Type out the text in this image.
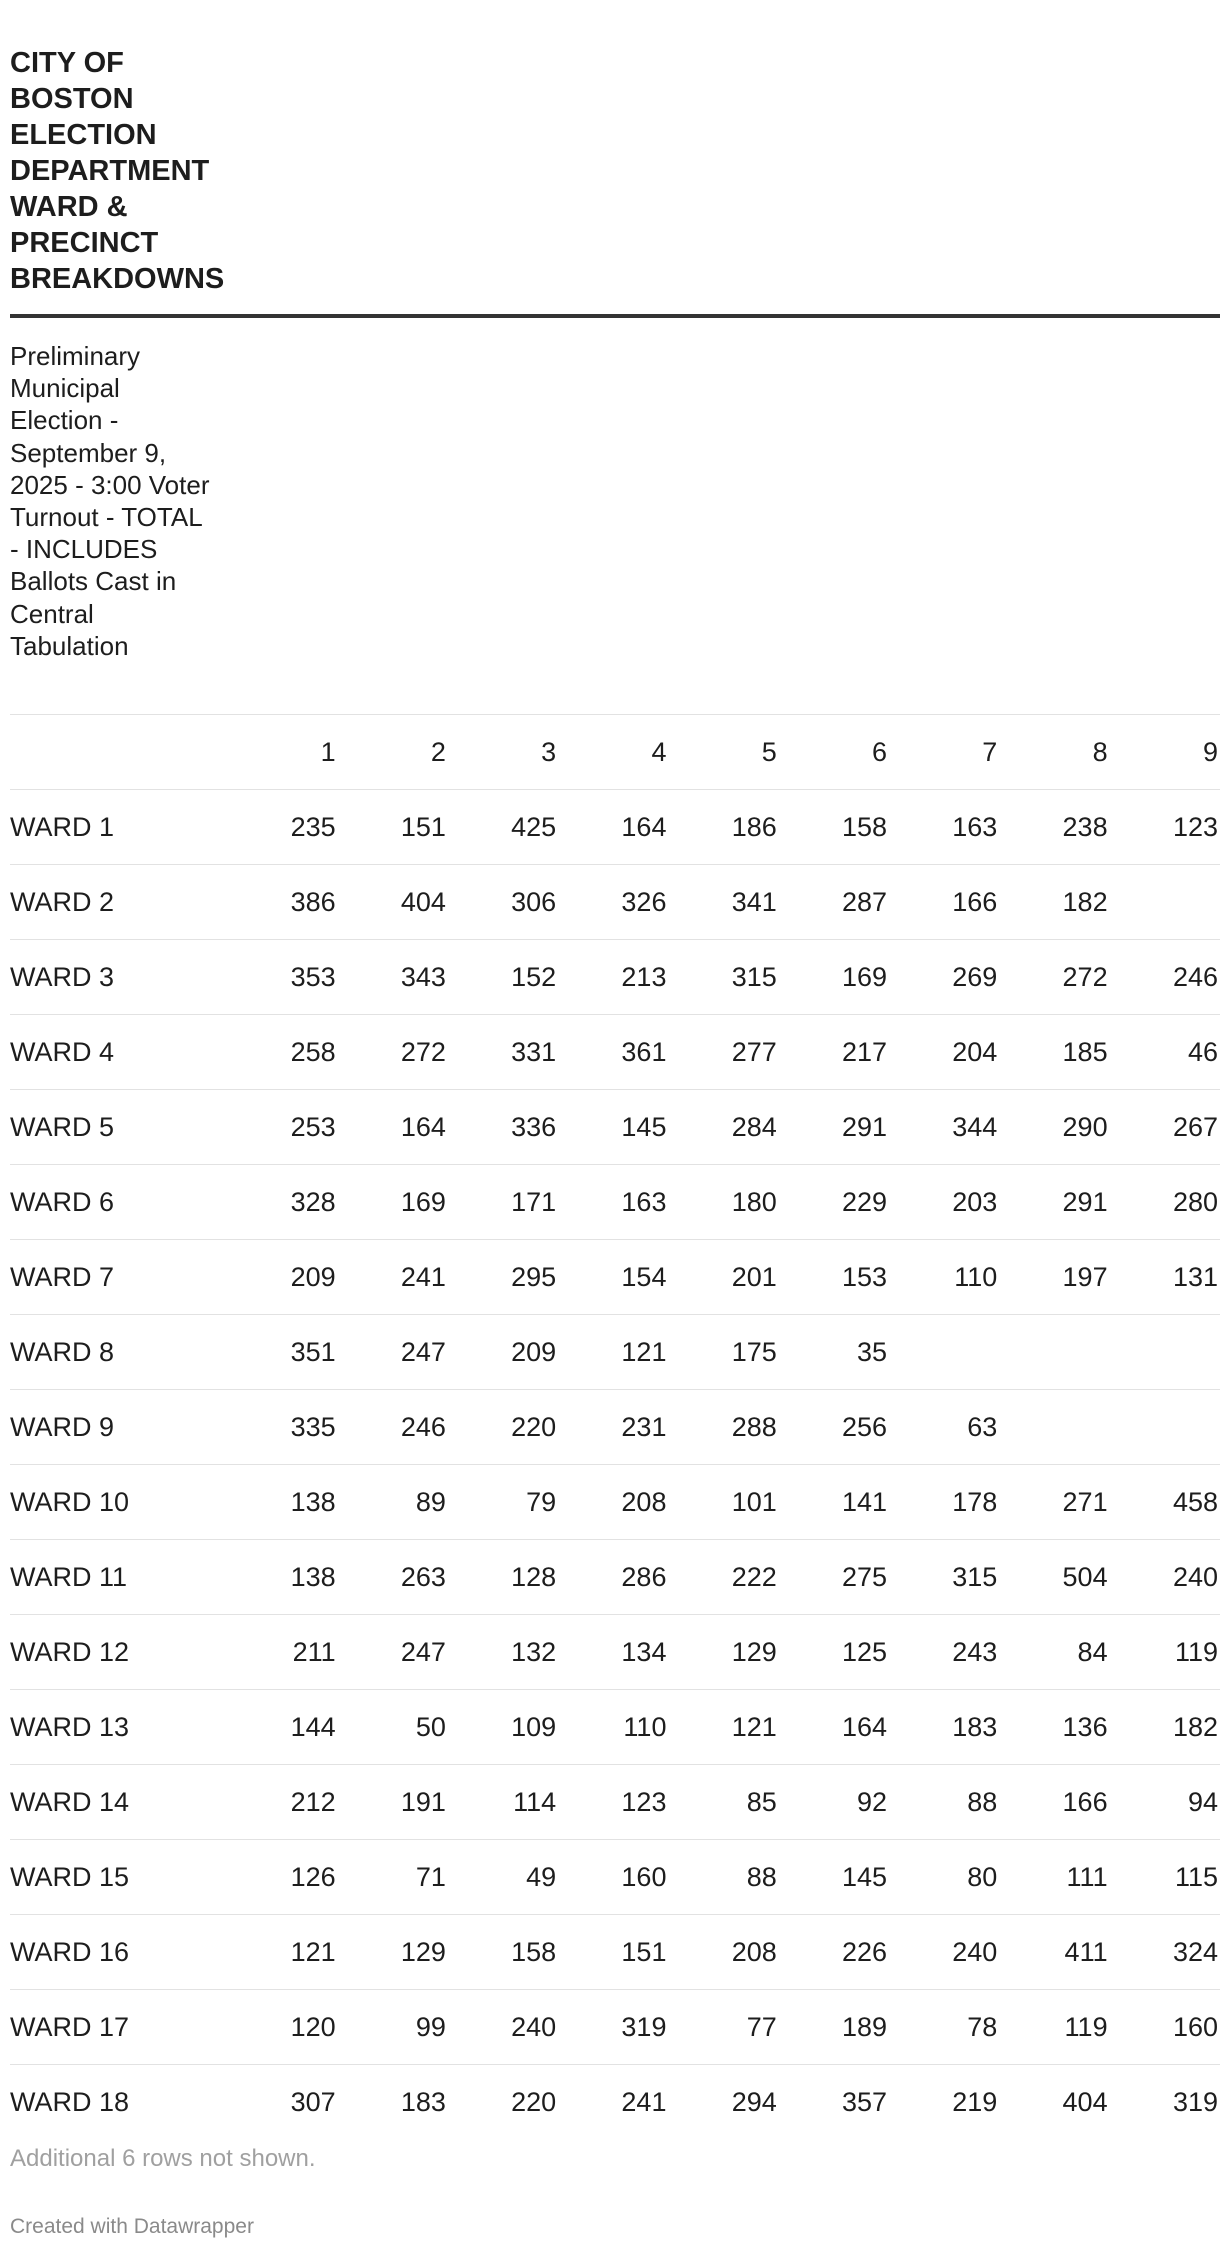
CITY OF BOSTON ELECTION DEPARTMENT WARD & PRECINCT BREAKDOWNS

Preliminary Municipal Election - September 9, 2025 - 3:00 Voter Turnout - TOTAL - INCLUDES Ballots Cast in Central Tabulation

	1	2	3	4	5	6	7	8	9
WARD 1	235	151	425	164	186	158	163	238	123
WARD 2	386	404	306	326	341	287	166	182	
WARD 3	353	343	152	213	315	169	269	272	246
WARD 4	258	272	331	361	277	217	204	185	46
WARD 5	253	164	336	145	284	291	344	290	267
WARD 6	328	169	171	163	180	229	203	291	280
WARD 7	209	241	295	154	201	153	110	197	131
WARD 8	351	247	209	121	175	35			
WARD 9	335	246	220	231	288	256	63		
WARD 10	138	89	79	208	101	141	178	271	458
WARD 11	138	263	128	286	222	275	315	504	240
WARD 12	211	247	132	134	129	125	243	84	119
WARD 13	144	50	109	110	121	164	183	136	182
WARD 14	212	191	114	123	85	92	88	166	94
WARD 15	126	71	49	160	88	145	80	111	115
WARD 16	121	129	158	151	208	226	240	411	324
WARD 17	120	99	240	319	77	189	78	119	160
WARD 18	307	183	220	241	294	357	219	404	319

Additional 6 rows not shown.

Created with Datawrapper
